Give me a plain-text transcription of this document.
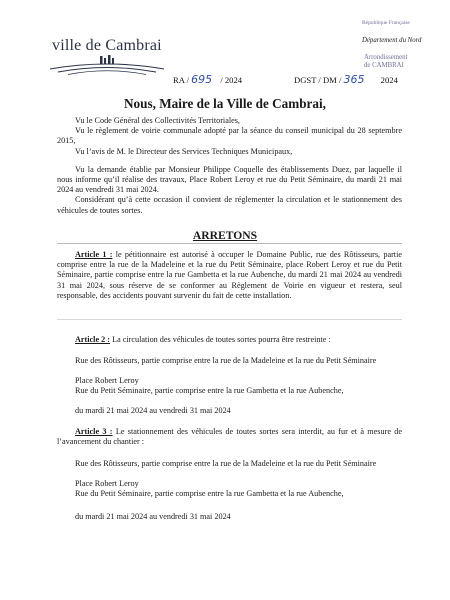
ville de Cambrai
République Française
Département du Nord
Arrondissement
de CAMBRAI
RA / 695 / 2024	DGST / DM / 365 2024
Nous, Maire de la Ville de Cambrai,
Vu le Code Général des Collectivités Territoriales,
Vu le règlement de voirie communale adopté par la séance du conseil municipal du 28 septembre 2015,
Vu l’avis de M. le Directeur des Services Techniques Municipaux,
Vu la demande établie par Monsieur Philippe Coquelle des établissements Duez, par laquelle il nous informe qu’il réalise des travaux, Place Robert Leroy et rue du Petit Séminaire, du mardi 21 mai 2024 au vendredi 31 mai 2024.
Considérant qu’à cette occasion il convient de réglementer la circulation et le stationnement des véhicules de toutes sortes.
ARRETONS
Article 1 : le pétitionnaire est autorisé à occuper le Domaine Public, rue des Rôtisseurs, partie comprise entre la rue de la Madeleine et la rue du Petit Séminaire, place Robert Leroy et rue du Petit Séminaire, partie comprise entre la rue Gambetta et la rue Aubenche, du mardi 21 mai 2024 au vendredi 31 mai 2024, sous réserve de se conformer au Règlement de Voirie en vigueur et restera, seul responsable, des accidents pouvant survenir du fait de cette installation.
Article 2 : La circulation des véhicules de toutes sortes pourra être restreinte :
Rue des Rôtisseurs, partie comprise entre la rue de la Madeleine et la rue du Petit Séminaire
Place Robert Leroy
Rue du Petit Séminaire, partie comprise entre la rue Gambetta et la rue Aubenche,
du mardi 21 mai 2024 au vendredi 31 mai 2024
Article 3 : Le stationnement des véhicules de toutes sortes sera interdit, au fur et à mesure de l’avancement du chantier :
Rue des Rôtisseurs, partie comprise entre la rue de la Madeleine et la rue du Petit Séminaire
Place Robert Leroy
Rue du Petit Séminaire, partie comprise entre la rue Gambetta et la rue Aubenche,
du mardi 21 mai 2024 au vendredi 31 mai 2024
